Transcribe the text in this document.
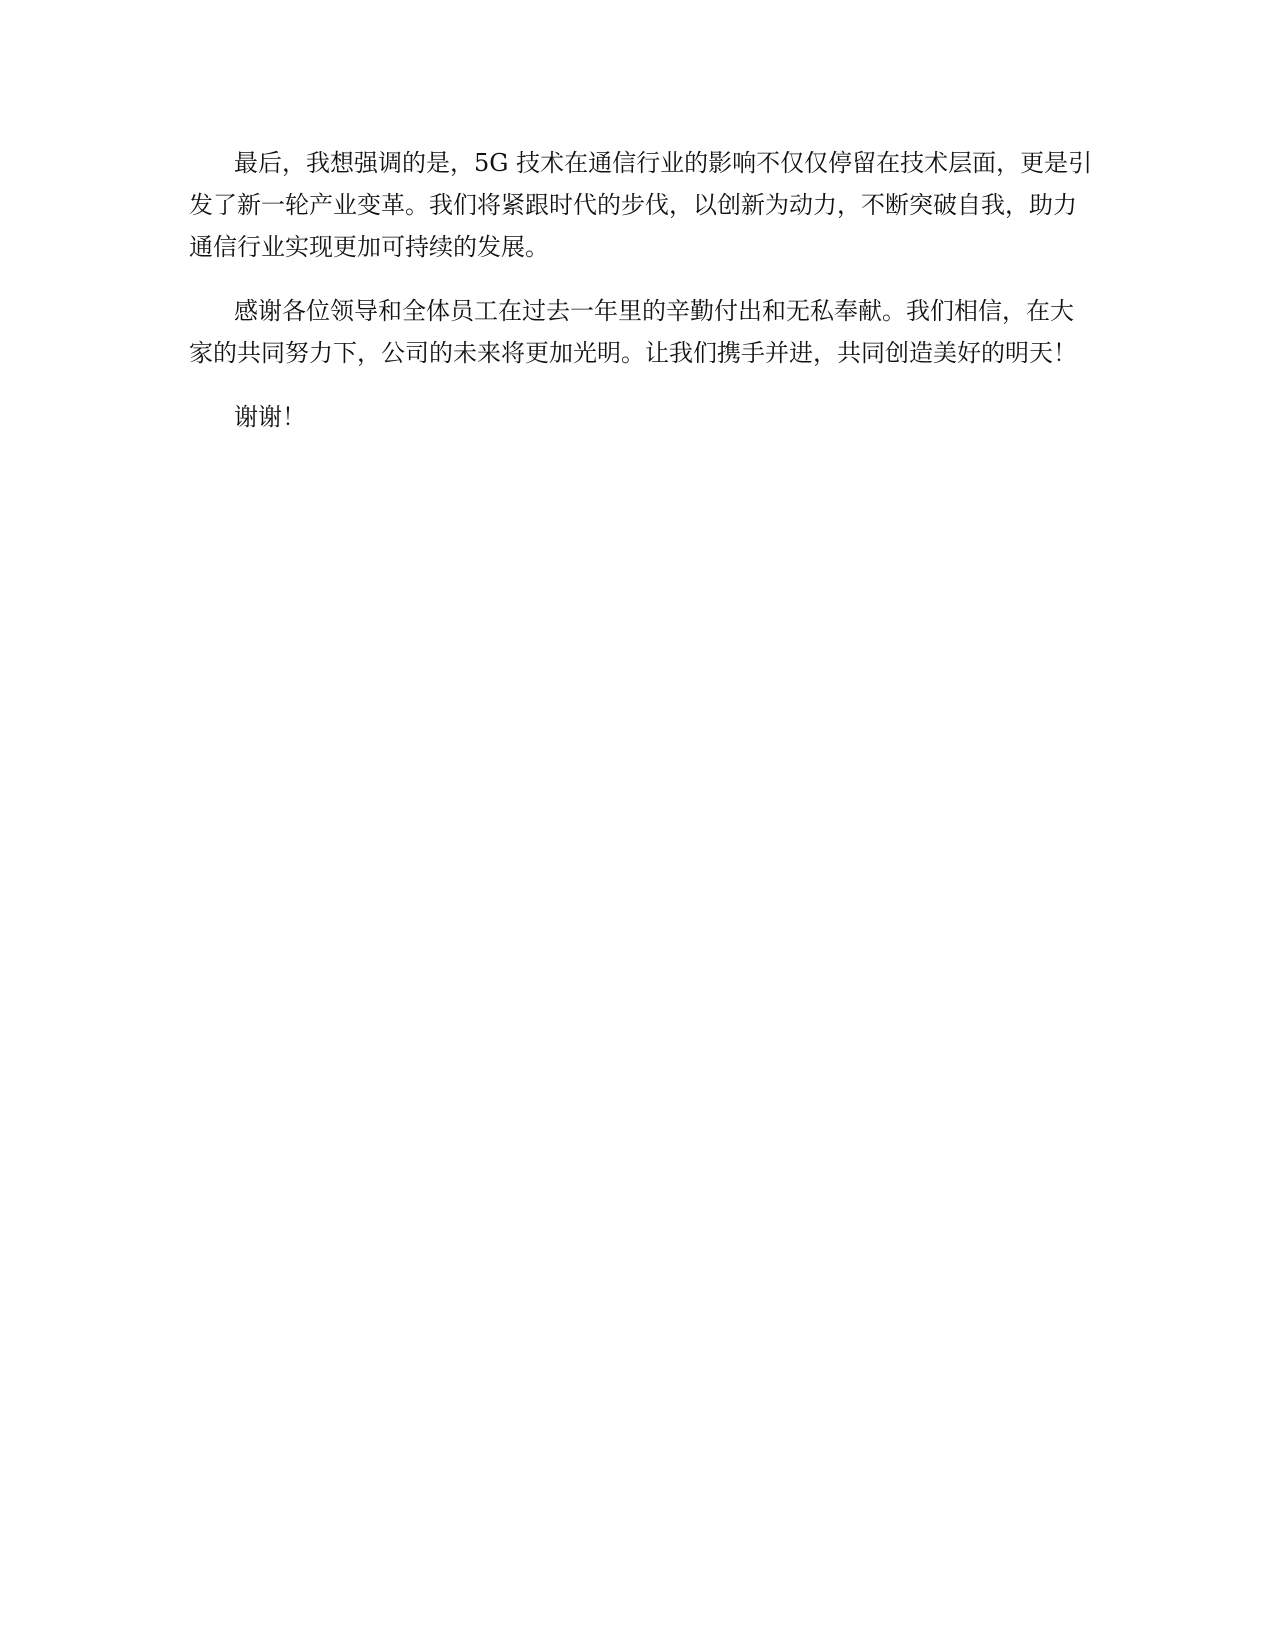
最后，我想强调的是，5G 技术在通信行业的影响不仅仅停留在技术层面，更是引发了新一轮产业变革。我们将紧跟时代的步伐，以创新为动力，不断突破自我，助力通信行业实现更加可持续的发展。

感谢各位领导和全体员工在过去一年里的辛勤付出和无私奉献。我们相信，在大家的共同努力下，公司的未来将更加光明。让我们携手并进，共同创造美好的明天！

谢谢！
